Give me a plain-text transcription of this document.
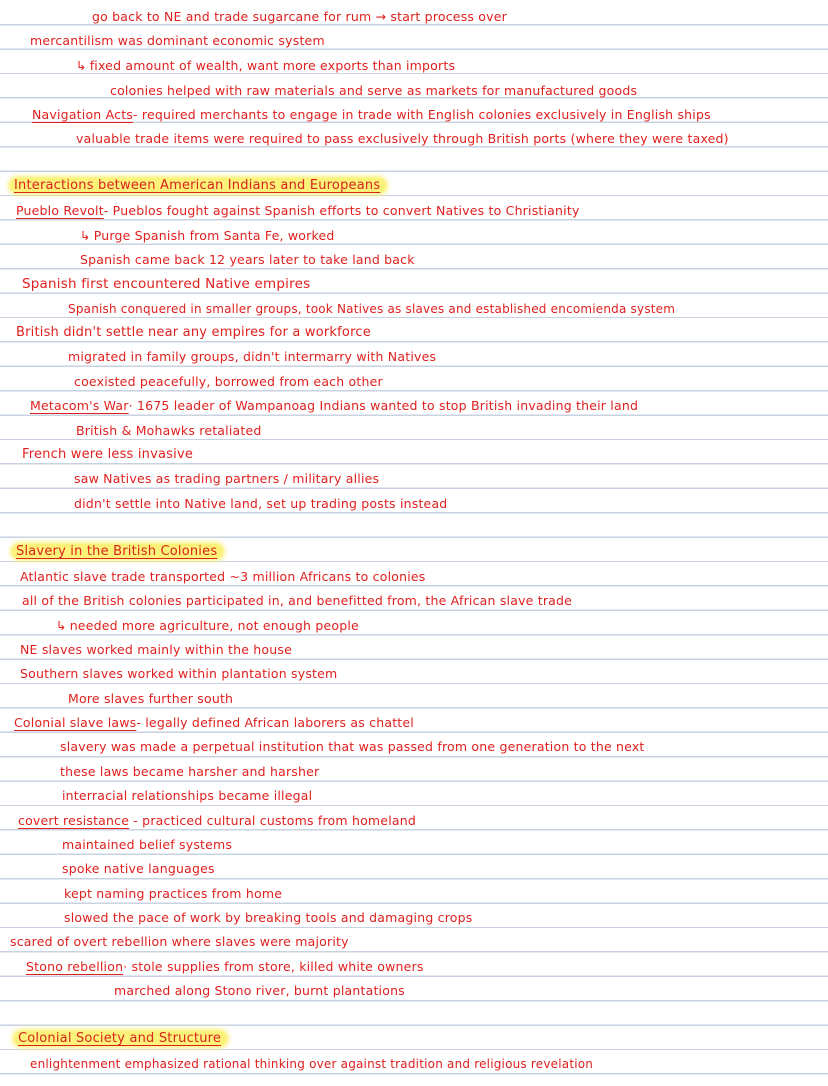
go back to NE and trade sugarcane for rum → start process over
mercantilism was dominant economic system
↳ fixed amount of wealth, want more exports than imports
colonies helped with raw materials and serve as markets for manufactured goods
Navigation Acts- required merchants to engage in trade with English colonies exclusively in English ships
valuable trade items were required to pass exclusively through British ports (where they were taxed)
Interactions between American Indians and Europeans
Pueblo Revolt- Pueblos fought against Spanish efforts to convert Natives to Christianity
↳ Purge Spanish from Santa Fe, worked
Spanish came back 12 years later to take land back
Spanish first encountered Native empires
Spanish conquered in smaller groups, took Natives as slaves and established encomienda system
British didn't settle near any empires for a workforce
migrated in family groups, didn't intermarry with Natives
coexisted peacefully, borrowed from each other
Metacom's War· 1675 leader of Wampanoag Indians wanted to stop British invading their land
British & Mohawks retaliated
French were less invasive
saw Natives as trading partners / military allies
didn't settle into Native land, set up trading posts instead
Slavery in the British Colonies
Atlantic slave trade transported ~3 million Africans to colonies
all of the British colonies participated in, and benefitted from, the African slave trade
↳ needed more agriculture, not enough people
NE slaves worked mainly within the house
Southern slaves worked within plantation system
More slaves further south
Colonial slave laws- legally defined African laborers as chattel
slavery was made a perpetual institution that was passed from one generation to the next
these laws became harsher and harsher
interracial relationships became illegal
covert resistance - practiced cultural customs from homeland
maintained belief systems
spoke native languages
kept naming practices from home
slowed the pace of work by breaking tools and damaging crops
scared of overt rebellion where slaves were majority
Stono rebellion· stole supplies from store, killed white owners
marched along Stono river, burnt plantations
Colonial Society and Structure
enlightenment emphasized rational thinking over against tradition and religious revelation
